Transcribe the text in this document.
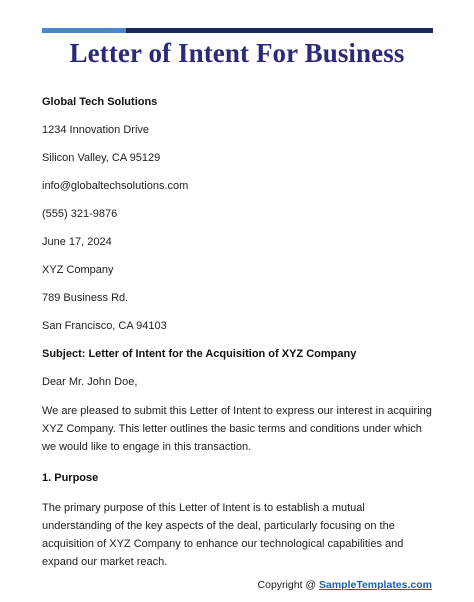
Letter of Intent For Business
Global Tech Solutions
1234 Innovation Drive
Silicon Valley, CA 95129
info@globaltechsolutions.com
(555) 321-9876
June 17, 2024
XYZ Company
789 Business Rd.
San Francisco, CA 94103
Subject: Letter of Intent for the Acquisition of XYZ Company
Dear Mr. John Doe,
We are pleased to submit this Letter of Intent to express our interest in acquiring XYZ Company. This letter outlines the basic terms and conditions under which we would like to engage in this transaction.
1. Purpose
The primary purpose of this Letter of Intent is to establish a mutual understanding of the key aspects of the deal, particularly focusing on the acquisition of XYZ Company to enhance our technological capabilities and expand our market reach.
Copyright @ SampleTemplates.com
